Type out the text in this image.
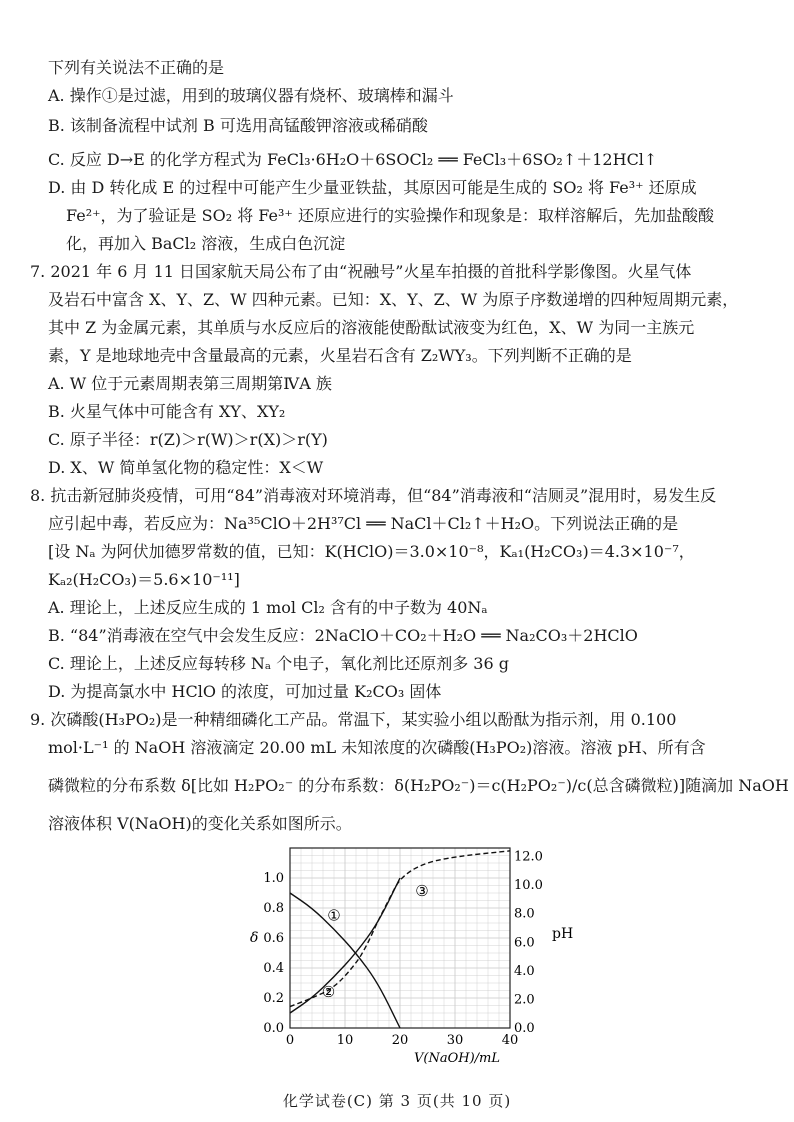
下列有关说法不正确的是
A. 操作①是过滤，用到的玻璃仪器有烧杯、玻璃棒和漏斗
B. 该制备流程中试剂 B 可选用高锰酸钾溶液或稀硝酸
C. 反应 D→E 的化学方程式为 FeCl₃·6H₂O＋6SOCl₂ ══ FeCl₃＋6SO₂↑＋12HCl↑
D. 由 D 转化成 E 的过程中可能产生少量亚铁盐，其原因可能是生成的 SO₂ 将 Fe³⁺ 还原成
Fe²⁺，为了验证是 SO₂ 将 Fe³⁺ 还原应进行的实验操作和现象是：取样溶解后，先加盐酸酸
化，再加入 BaCl₂ 溶液，生成白色沉淀
7. 2021 年 6 月 11 日国家航天局公布了由“祝融号”火星车拍摄的首批科学影像图。火星气体
及岩石中富含 X、Y、Z、W 四种元素。已知：X、Y、Z、W 为原子序数递增的四种短周期元素，
其中 Z 为金属元素，其单质与水反应后的溶液能使酚酞试液变为红色，X、W 为同一主族元
素，Y 是地球地壳中含量最高的元素，火星岩石含有 Z₂WY₃。下列判断不正确的是
A. W 位于元素周期表第三周期第ⅣA 族
B. 火星气体中可能含有 XY、XY₂
C. 原子半径：r(Z)＞r(W)＞r(X)＞r(Y)
D. X、W 简单氢化物的稳定性：X＜W
8. 抗击新冠肺炎疫情，可用“84”消毒液对环境消毒，但“84”消毒液和“洁厕灵”混用时，易发生反
应引起中毒，若反应为：Na³⁵ClO＋2H³⁷Cl ══ NaCl＋Cl₂↑＋H₂O。下列说法正确的是
[设 Nₐ 为阿伏加德罗常数的值，已知：K(HClO)＝3.0×10⁻⁸，Kₐ₁(H₂CO₃)＝4.3×10⁻⁷，
Kₐ₂(H₂CO₃)＝5.6×10⁻¹¹]
A. 理论上，上述反应生成的 1 mol Cl₂ 含有的中子数为 40Nₐ
B. “84”消毒液在空气中会发生反应：2NaClO＋CO₂＋H₂O ══ Na₂CO₃＋2HClO
C. 理论上，上述反应每转移 Nₐ 个电子，氧化剂比还原剂多 36 g
D. 为提高氯水中 HClO 的浓度，可加过量 K₂CO₃ 固体
9. 次磷酸(H₃PO₂)是一种精细磷化工产品。常温下，某实验小组以酚酞为指示剂，用 0.100
mol·L⁻¹ 的 NaOH 溶液滴定 20.00 mL 未知浓度的次磷酸(H₃PO₂)溶液。溶液 pH、所有含
磷微粒的分布系数 δ[比如 H₂PO₂⁻ 的分布系数：δ(H₂PO₂⁻)＝c(H₂PO₂⁻)/c(总含磷微粒)]随滴加 NaOH
溶液体积 V(NaOH)的变化关系如图所示。
0	10	20	30	40
0.0
0.2
0.4
0.6
0.8
1.0
0.0
2.0
4.0
6.0
8.0
10.0
12.0
δ	pH
V(NaOH)/mL
①
②
③
化学试卷(C) 第 3 页(共 10 页)
